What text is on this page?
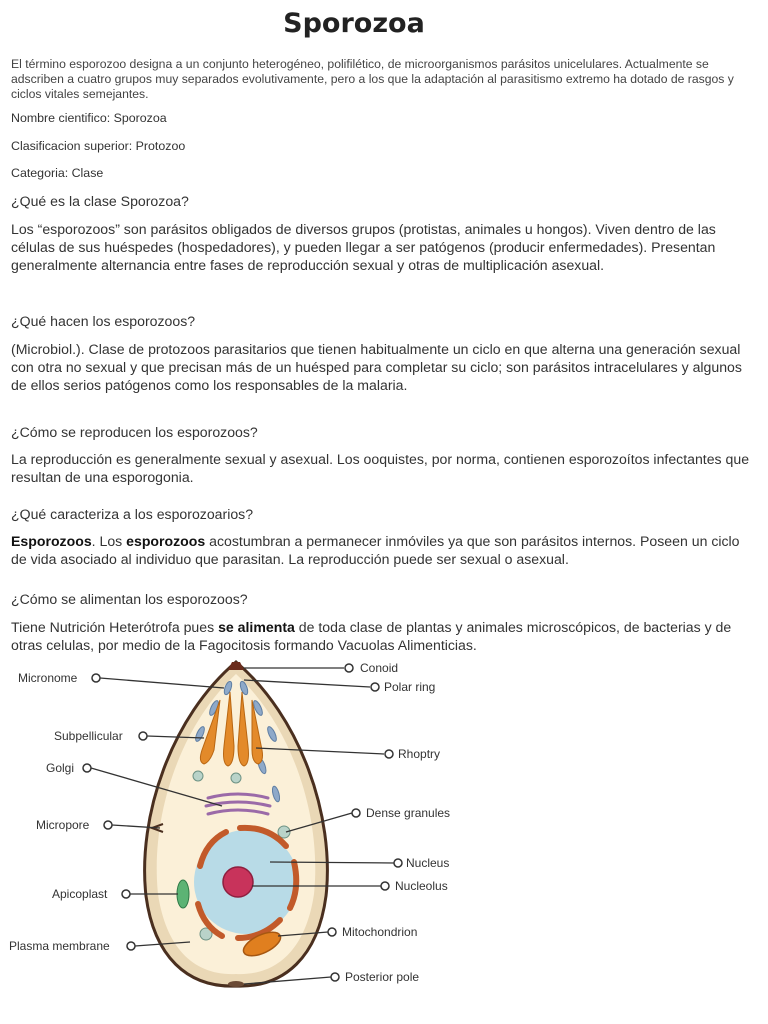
Sporozoa

El término esporozoo designa a un conjunto heterogéneo, polifilético, de microorganismos parásitos unicelulares. Actualmente se adscriben a cuatro grupos muy separados evolutivamente, pero a los que la adaptación al parasitismo extremo ha dotado de rasgos y ciclos vitales semejantes.

Nombre cientifico: Sporozoa

Clasificacion superior: Protozoo

Categoria: Clase

¿Qué es la clase Sporozoa?

Los “esporozoos” son parásitos obligados de diversos grupos (protistas, animales u hongos). Viven dentro de las células de sus huéspedes (hospedadores), y pueden llegar a ser patógenos (producir enfermedades). Presentan generalmente alternancia entre fases de reproducción sexual y otras de multiplicación asexual.

¿Qué hacen los esporozoos?

(Microbiol.). Clase de protozoos parasitarios que tienen habitualmente un ciclo en que alterna una generación sexual con otra no sexual y que precisan más de un huésped para completar su ciclo; son parásitos intracelulares y algunos de ellos serios patógenos como los responsables de la malaria.

¿Cómo se reproducen los esporozoos?

La reproducción es generalmente sexual y asexual. Los ooquistes, por norma, contienen esporozoítos infectantes que resultan de una esporogonia.

¿Qué caracteriza a los esporozoarios?

Esporozoos. Los esporozoos acostumbran a permanecer inmóviles ya que son parásitos internos. Poseen un ciclo de vida asociado al individuo que parasitan. La reproducción puede ser sexual o asexual.

¿Cómo se alimentan los esporozoos?

Tiene Nutrición Heterótrofa pues se alimenta de toda clase de plantas y animales microscópicos, de bacterias y de otras celulas, por medio de la Fagocitosis formando Vacuolas Alimenticias.

Micronome
Subpellicular
Golgi
Micropore
Apicoplast
Plasma membrane
Conoid
Polar ring
Rhoptry
Dense granules
Nucleus
Nucleolus
Mitochondrion
Posterior pole
